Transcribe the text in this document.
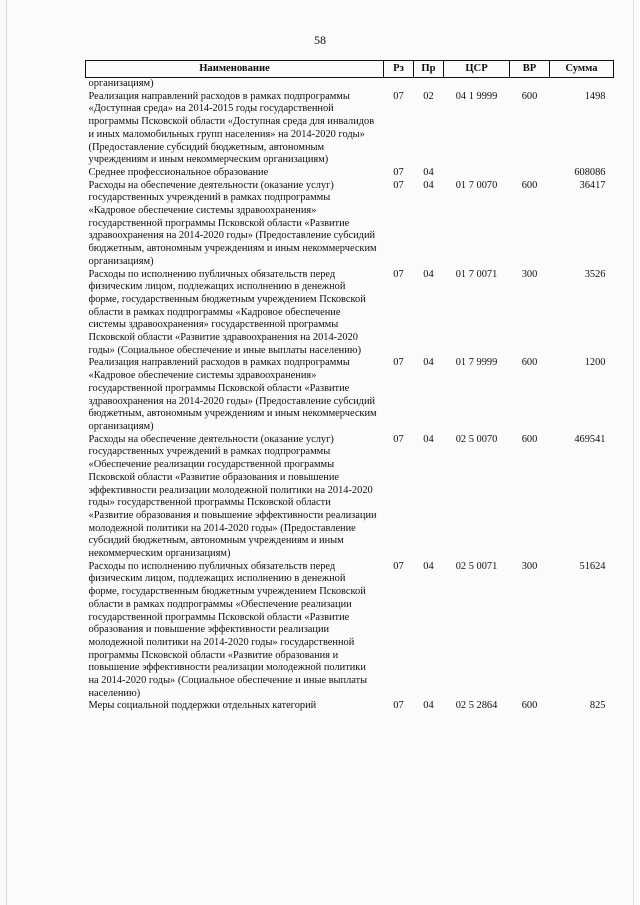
58
Наименование	Рз	Пр	ЦСР	ВР	Сумма
организациям)					
Реализация направлений расходов в рамках подпрограммы «Доступная среда» на 2014-2015 годы государственной программы Псковской области «Доступная среда для инвалидов и иных маломобильных групп населения» на 2014-2020 годы» (Предоставление субсидий бюджетным, автономным учреждениям и иным некоммерческим организациям)	07	02	04 1 9999	600	1498
Среднее профессиональное образование	07	04			608086
Расходы на обеспечение деятельности (оказание услуг) государственных учреждений в рамках подпрограммы «Кадровое обеспечение системы здравоохранения» государственной программы Псковской области «Развитие здравоохранения на 2014-2020 годы» (Предоставление субсидий бюджетным, автономным учреждениям и иным некоммерческим организациям)	07	04	01 7 0070	600	36417
Расходы по исполнению публичных обязательств перед физическим лицом, подлежащих исполнению в денежной форме, государственным бюджетным учреждением Псковской области в рамках подпрограммы «Кадровое обеспечение системы здравоохранения» государственной программы Псковской области «Развитие здравоохранения на 2014-2020 годы» (Социальное обеспечение и иные выплаты населению)	07	04	01 7 0071	300	3526
Реализация направлений расходов в рамках подпрограммы «Кадровое обеспечение системы здравоохранения» государственной программы Псковской области «Развитие здравоохранения на 2014-2020 годы» (Предоставление субсидий бюджетным, автономным учреждениям и иным некоммерческим организациям)	07	04	01 7 9999	600	1200
Расходы на обеспечение деятельности (оказание услуг) государственных учреждений в рамках подпрограммы «Обеспечение реализации государственной программы Псковской области «Развитие образования и повышение эффективности реализации молодежной политики на 2014-2020 годы» государственной программы Псковской области «Развитие образования и повышение эффективности реализации молодежной политики на 2014-2020 годы» (Предоставление субсидий бюджетным, автономным учреждениям и иным некоммерческим организациям)	07	04	02 5 0070	600	469541
Расходы по исполнению публичных обязательств перед физическим лицом, подлежащих исполнению в денежной форме, государственным бюджетным учреждением Псковской области в рамках подпрограммы «Обеспечение реализации государственной программы Псковской области «Развитие образования и повышение эффективности реализации молодежной политики на 2014-2020 годы» государственной программы Псковской области «Развитие образования и повышение эффективности реализации молодежной политики на 2014-2020 годы» (Социальное обеспечение и иные выплаты населению)	07	04	02 5 0071	300	51624
Меры социальной поддержки отдельных категорий	07	04	02 5 2864	600	825
